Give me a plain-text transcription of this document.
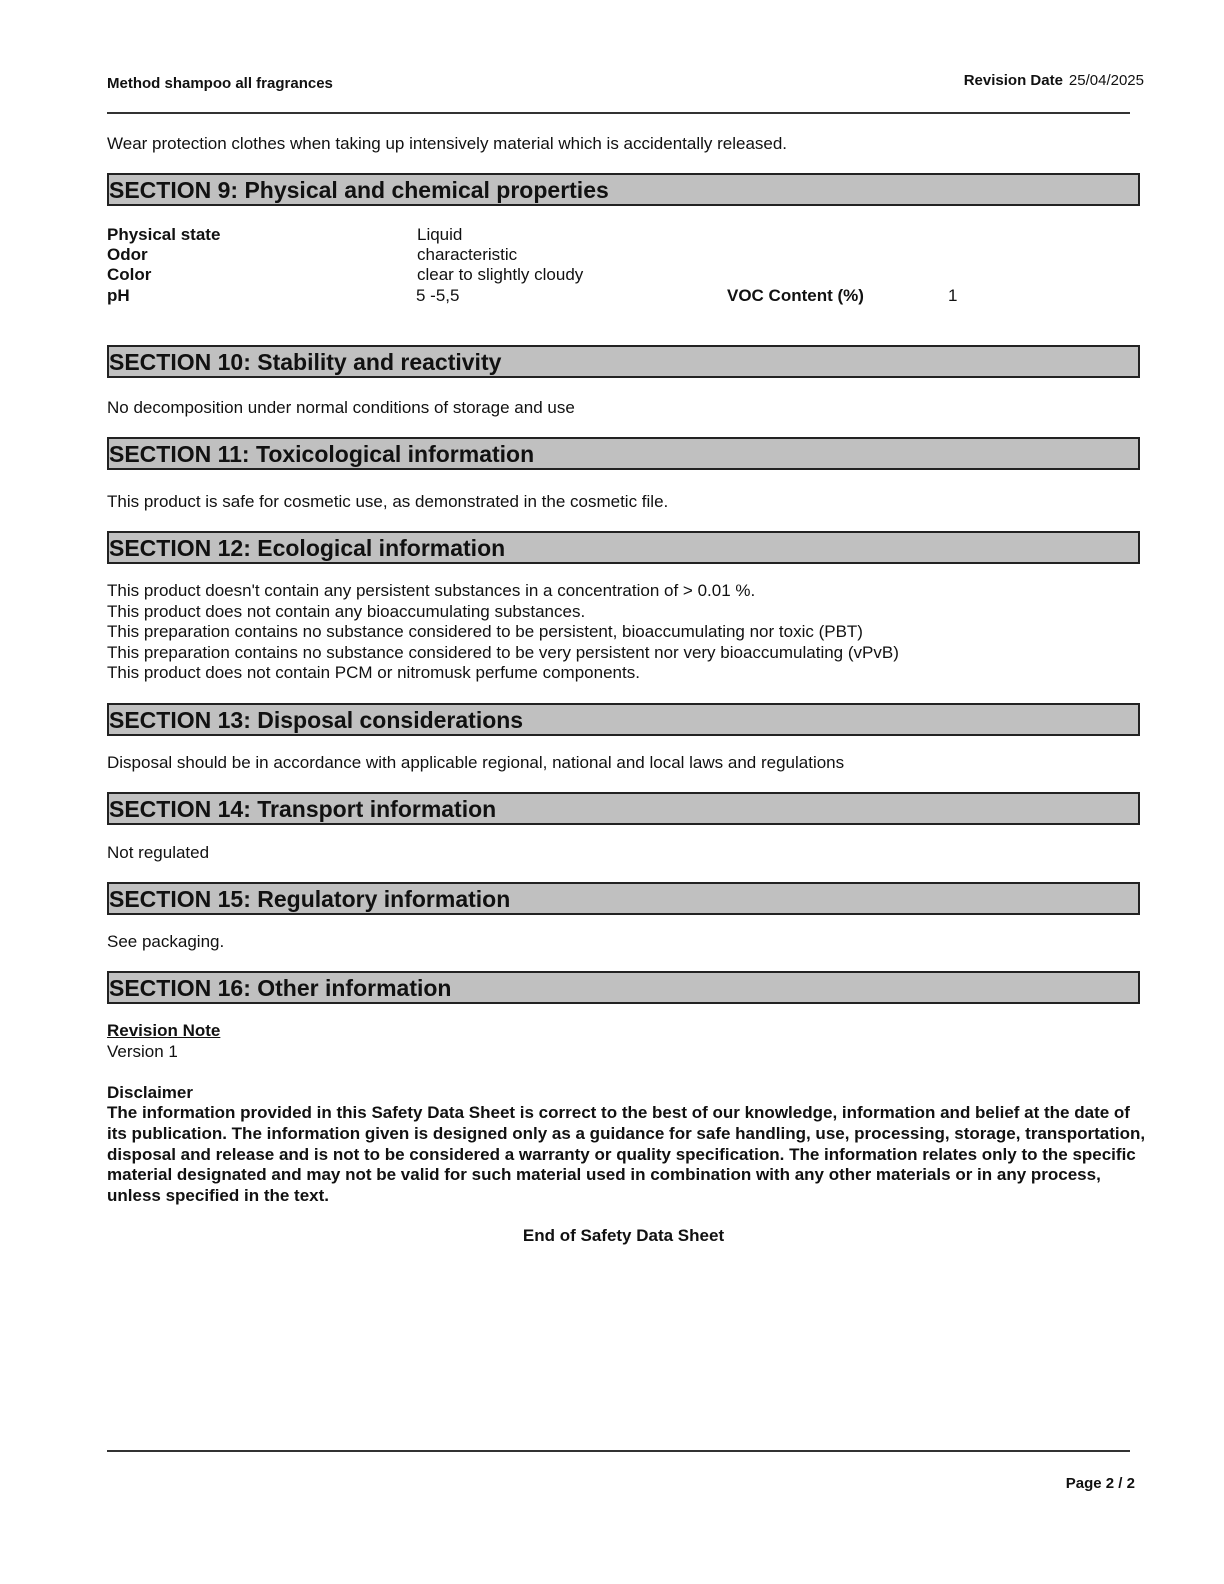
Method shampoo all fragrances	Revision Date 25/04/2025
Wear protection clothes when taking up intensively material which is accidentally released.
SECTION 9: Physical and chemical properties
Physical state	Liquid
Odor	characteristic
Color	clear to slightly cloudy
pH	5 -5,5	VOC Content (%)	1
SECTION 10: Stability and reactivity
No decomposition under normal conditions of storage and use
SECTION 11: Toxicological information
This product is safe for cosmetic use, as demonstrated in the cosmetic file.
SECTION 12: Ecological information
This product doesn't contain any persistent substances in a concentration of > 0.01 %.
This product does not contain any bioaccumulating substances.
This preparation contains no substance considered to be persistent, bioaccumulating nor toxic (PBT)
This preparation contains no substance considered to be very persistent nor very bioaccumulating (vPvB)
This product does not contain PCM or nitromusk perfume components.
SECTION 13: Disposal considerations
Disposal should be in accordance with applicable regional, national and local laws and regulations
SECTION 14: Transport information
Not regulated
SECTION 15: Regulatory information
See packaging.
SECTION 16: Other information
Revision Note
Version 1
Disclaimer
The information provided in this Safety Data Sheet is correct to the best of our knowledge, information and belief at the date of its publication. The information given is designed only as a guidance for safe handling, use, processing, storage, transportation, disposal and release and is not to be considered a warranty or quality specification. The information relates only to the specific material designated and may not be valid for such material used in combination with any other materials or in any process, unless specified in the text.
End of Safety Data Sheet
Page 2 / 2
